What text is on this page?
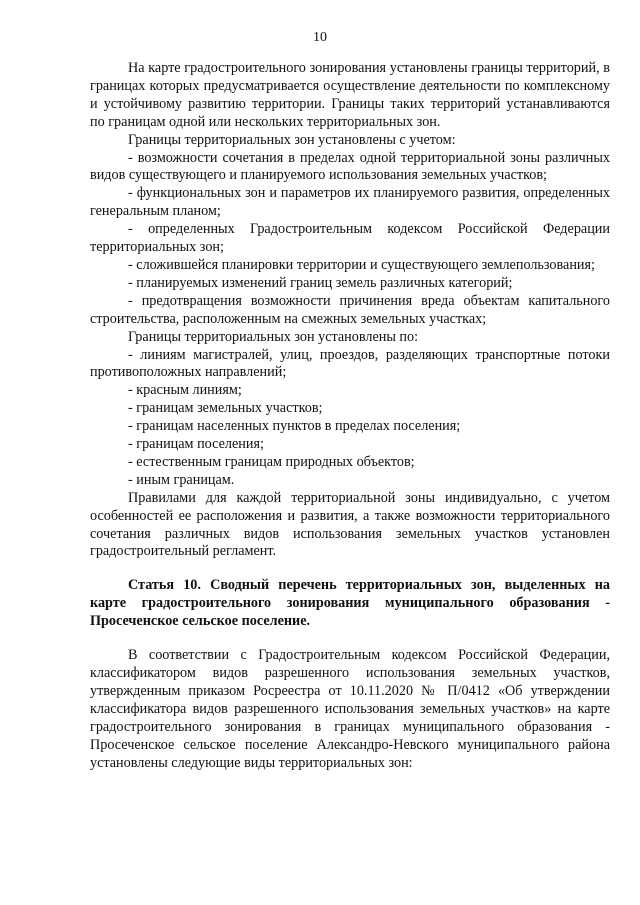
10

На карте градостроительного зонирования установлены границы территорий, в границах которых предусматривается осуществление деятельности по комплексному и устойчивому развитию территории. Границы таких территорий устанавливаются по границам одной или нескольких территориальных зон.

Границы территориальных зон установлены с учетом:

- возможности сочетания в пределах одной территориальной зоны различных видов существующего и планируемого использования земельных участков;

- функциональных зон и параметров их планируемого развития, определенных генеральным планом;

- определенных Градостроительным кодексом Российской Федерации территориальных зон;

- сложившейся планировки территории и существующего землепользования;

- планируемых изменений границ земель различных категорий;

- предотвращения возможности причинения вреда объектам капитального строительства, расположенным на смежных земельных участках;

Границы территориальных зон установлены по:

- линиям магистралей, улиц, проездов, разделяющих транспортные потоки противоположных направлений;

- красным линиям;

- границам земельных участков;

- границам населенных пунктов в пределах поселения;

- границам поселения;

- естественным границам природных объектов;

- иным границам.

Правилами для каждой территориальной зоны индивидуально, с учетом особенностей ее расположения и развития, а также возможности территориального сочетания различных видов использования земельных участков установлен градостроительный регламент.

Статья 10. Сводный перечень территориальных зон, выделенных на карте градостроительного зонирования муниципального образования - Просеченское сельское поселение.

В соответствии с Градостроительным кодексом Российской Федерации, классификатором видов разрешенного использования земельных участков, утвержденным приказом Росреестра от 10.11.2020 № П/0412 «Об утверждении классификатора видов разрешенного использования земельных участков» на карте градостроительного зонирования в границах муниципального образования - Просеченское сельское поселение Александро-Невского муниципального района установлены следующие виды территориальных зон:
